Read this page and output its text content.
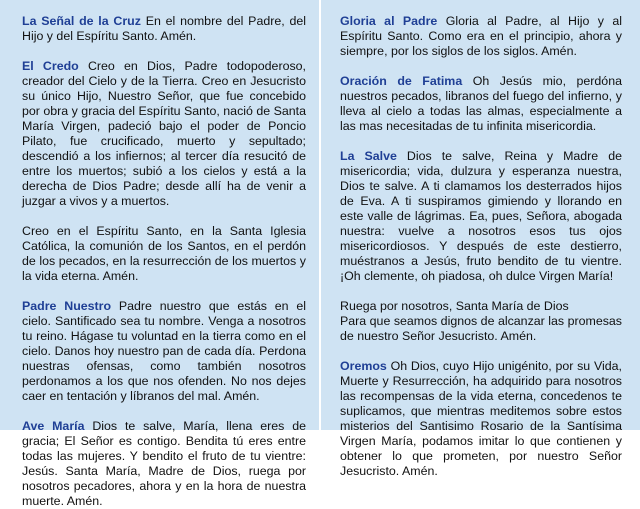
La Señal de la Cruz En el nombre del Padre, del Hijo y del Espíritu Santo. Amén.

El Credo Creo en Dios, Padre todopoderoso, creador del Cielo y de la Tierra. Creo en Jesucristo su único Hijo, Nuestro Señor, que fue concebido por obra y gracia del Espíritu Santo, nació de Santa María Virgen, padeció bajo el poder de Poncio Pilato, fue crucificado, muerto y sepultado; descendió a los infiernos; al tercer día resucitó de entre los muertos; subió a los cielos y está a la derecha de Dios Padre; desde allí ha de venir a juzgar a vivos y a muertos.

Creo en el Espíritu Santo, en la Santa Iglesia Católica, la comunión de los Santos, en el perdón de los pecados, en la resurrección de los muertos y la vida eterna. Amén.

Padre Nuestro Padre nuestro que estás en el cielo. Santificado sea tu nombre. Venga a nosotros tu reino. Hágase tu voluntad en la tierra como en el cielo. Danos hoy nuestro pan de cada día. Perdona nuestras ofensas, como también nosotros perdonamos a los que nos ofenden. No nos dejes caer en tentación y líbranos del mal. Amén.

Ave María Dios te salve, María, llena eres de gracia; El Señor es contigo. Bendita tú eres entre todas las mujeres. Y bendito el fruto de tu vientre: Jesús. Santa María, Madre de Dios, ruega por nosotros pecadores, ahora y en la hora de nuestra muerte. Amén.

Gloria al Padre Gloria al Padre, al Hijo y al Espíritu Santo. Como era en el principio, ahora y siempre, por los siglos de los siglos. Amén.

Oración de Fatima Oh Jesús mio, perdóna nuestros pecados, libranos del fuego del infierno, y lleva al cielo a todas las almas, especialmente a las mas necesitadas de tu infinita misericordia.

La Salve Dios te salve, Reina y Madre de misericordia; vida, dulzura y esperanza nuestra, Dios te salve. A ti clamamos los desterrados hijos de Eva. A ti suspiramos gimiendo y llorando en este valle de lágrimas. Ea, pues, Señora, abogada nuestra: vuelve a nosotros esos tus ojos misericordiosos. Y después de este destierro, muéstranos a Jesús, fruto bendito de tu vientre. ¡Oh clemente, oh piadosa, oh dulce Virgen María!

Ruega por nosotros, Santa María de Dios
Para que seamos dignos de alcanzar las promesas de nuestro Señor Jesucristo. Amén.

Oremos Oh Dios, cuyo Hijo unigénito, por su Vida, Muerte y Resurrección, ha adquirido para nosotros las recompensas de la vida eterna, concedenos te suplicamos, que mientras meditemos sobre estos misterios del Santisimo Rosario de la Santísima Virgen María, podamos imitar lo que contienen y obtener lo que prometen, por nuestro Señor Jesucristo. Amén.
